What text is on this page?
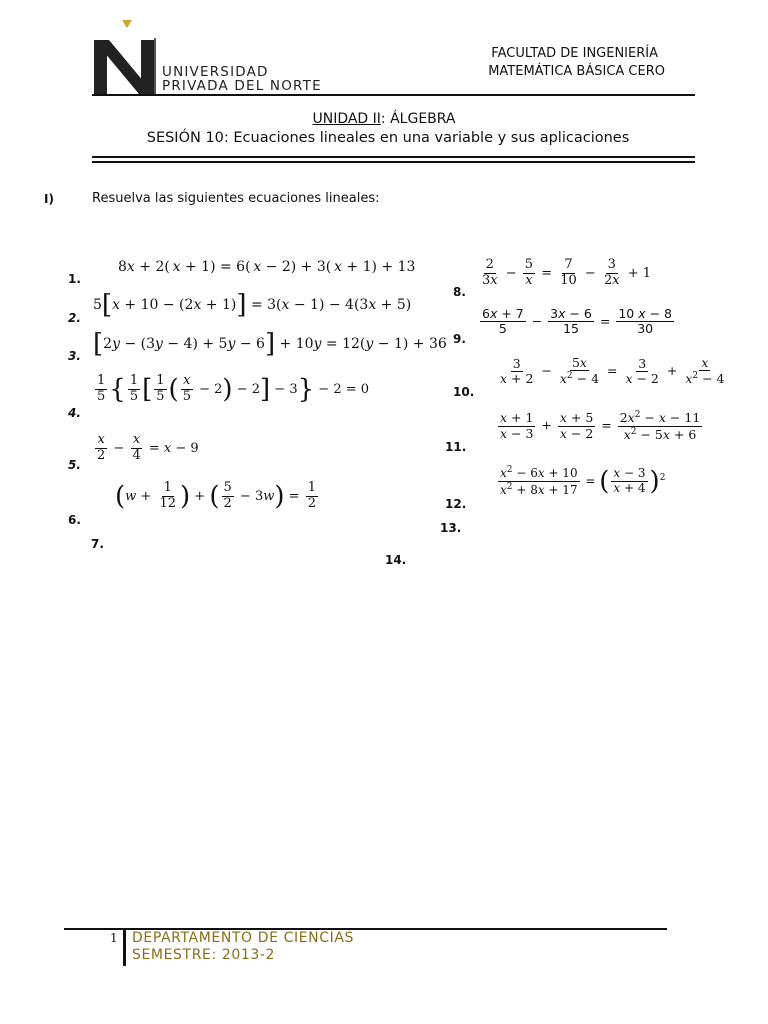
UNIVERSIDAD
PRIVADA DEL NORTE
FACULTAD DE INGENIERÍA
MATEMÁTICA BÁSICA CERO
UNIDAD II: ÁLGEBRA
SESIÓN 10: Ecuaciones lineales en una variable y sus aplicaciones
I)	Resuelva las siguientes ecuaciones lineales:
1.
2.
3.
4.
5.
6.
7.
8.
9.
10.
11.
12.
13.
14.
8x + 2( x + 1) = 6( x − 2) + 3( x + 1) + 13
5[x + 10 − (2x + 1)] = 3(x − 1) − 4(3x + 5)
[2y − (3y − 4) + 5y − 6] + 10y = 12(y − 1) + 36
$\frac{1}{5}$ { $\frac{1}{5}$ [ $\frac{1}{5}$ ( $\frac{x}{5} - 2) - 2] - 3\} - 2 = 0$
$\frac{x}{2} - \frac{x}{4} = x - 9$
($w + \frac{1}{12}$ ) + ( $\frac{5}{2} - 3w) = \frac{1}{2}$
$\frac{2}{3x} - \frac{5}{x} = \frac{7}{10} - \frac{3}{2x} + 1$
$\frac{6x + 7}{5} - \frac{3x - 6}{15} = \frac{10 x - 8}{30}$
$\frac{3}{x + 2} - \frac{5x}{x^2 - 4} = \frac{3}{x - 2} + \frac{x}{x^2 - 4}$
$\frac{x + 1}{x - 3} + \frac{x + 5}{x - 2} = \frac{2x^2 - x - 11}{x^2 - 5x + 6}$
$\frac{x^2 - 6x + 10}{x^2 + 8x + 17}$ = ( $\frac{x - 3}{x + 4} )^2$
1 DEPARTAMENTO DE CIENCIAS
SEMESTRE: 2013-2
